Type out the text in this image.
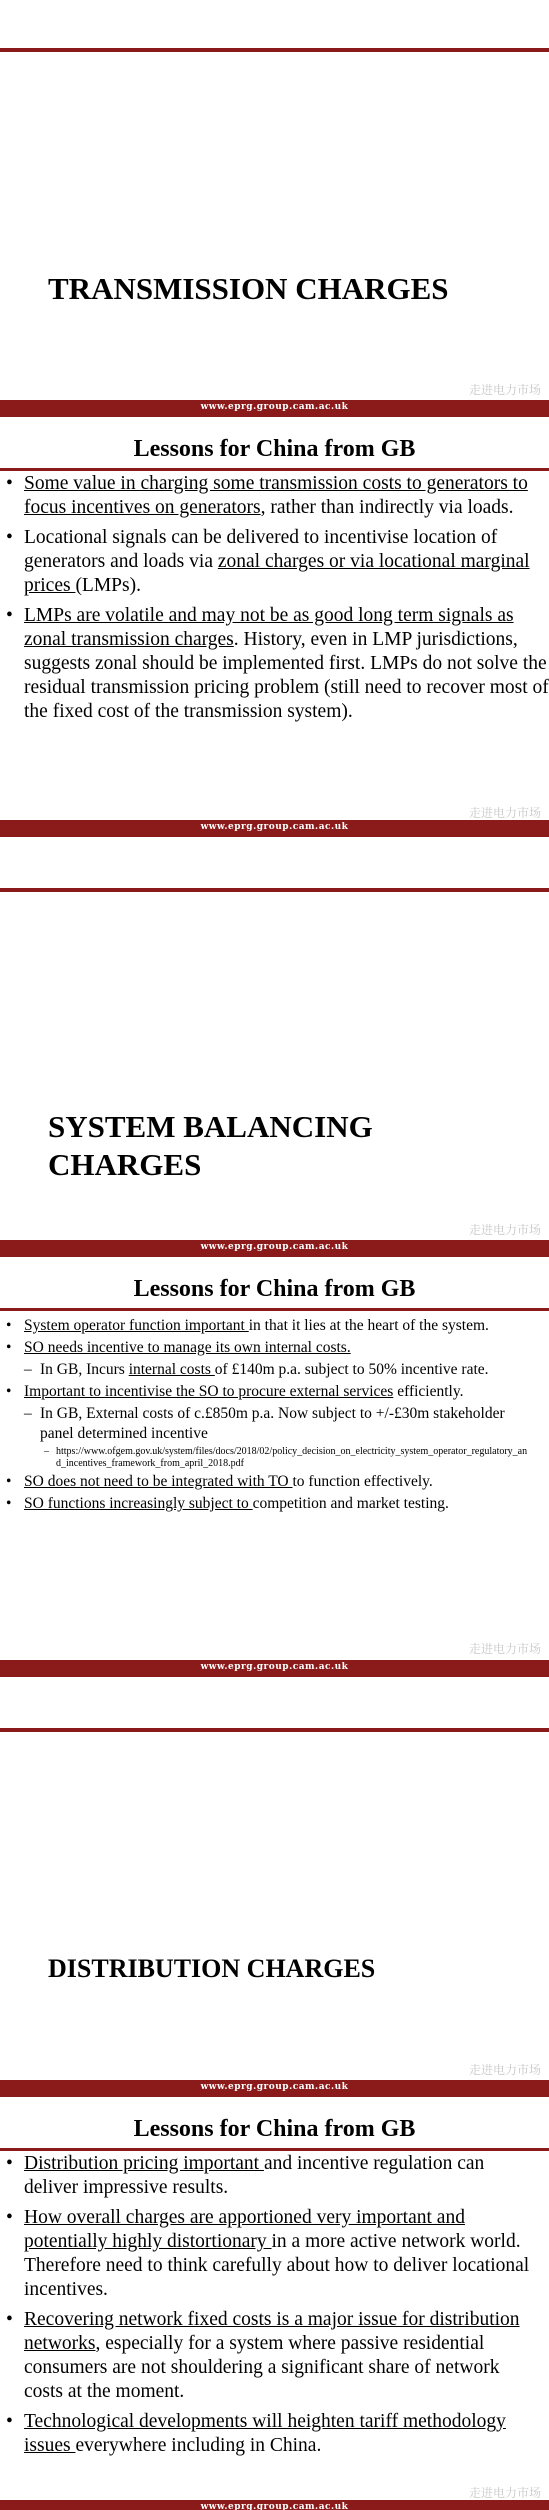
TRANSMISSION CHARGES
走进电力市场
www.eprg.group.cam.ac.uk
Lessons for China from GB
• Some value in charging some transmission costs to generators to focus incentives on generators, rather than indirectly via loads.
• Locational signals can be delivered to incentivise location of generators and loads via zonal charges or via locational marginal prices (LMPs).
• LMPs are volatile and may not be as good long term signals as zonal transmission charges. History, even in LMP jurisdictions, suggests zonal should be implemented first. LMPs do not solve the residual transmission pricing problem (still need to recover most of the fixed cost of the transmission system).
走进电力市场
www.eprg.group.cam.ac.uk
SYSTEM BALANCING CHARGES
走进电力市场
www.eprg.group.cam.ac.uk
Lessons for China from GB
• System operator function important in that it lies at the heart of the system.
• SO needs incentive to manage its own internal costs.
– In GB, Incurs internal costs of £140m p.a. subject to 50% incentive rate.
• Important to incentivise the SO to procure external services efficiently.
– In GB, External costs of c.£850m p.a. Now subject to +/-£30m stakeholder panel determined incentive
– https://www.ofgem.gov.uk/system/files/docs/2018/02/policy_decision_on_electricity_system_operator_regulatory_and_incentives_framework_from_april_2018.pdf
• SO does not need to be integrated with TO to function effectively.
• SO functions increasingly subject to competition and market testing.
走进电力市场
www.eprg.group.cam.ac.uk
DISTRIBUTION CHARGES
走进电力市场
www.eprg.group.cam.ac.uk
Lessons for China from GB
• Distribution pricing important and incentive regulation can deliver impressive results.
• How overall charges are apportioned very important and potentially highly distortionary in a more active network world. Therefore need to think carefully about how to deliver locational incentives.
• Recovering network fixed costs is a major issue for distribution networks, especially for a system where passive residential consumers are not shouldering a significant share of network costs at the moment.
• Technological developments will heighten tariff methodology issues everywhere including in China.
走进电力市场
www.eprg.group.cam.ac.uk
